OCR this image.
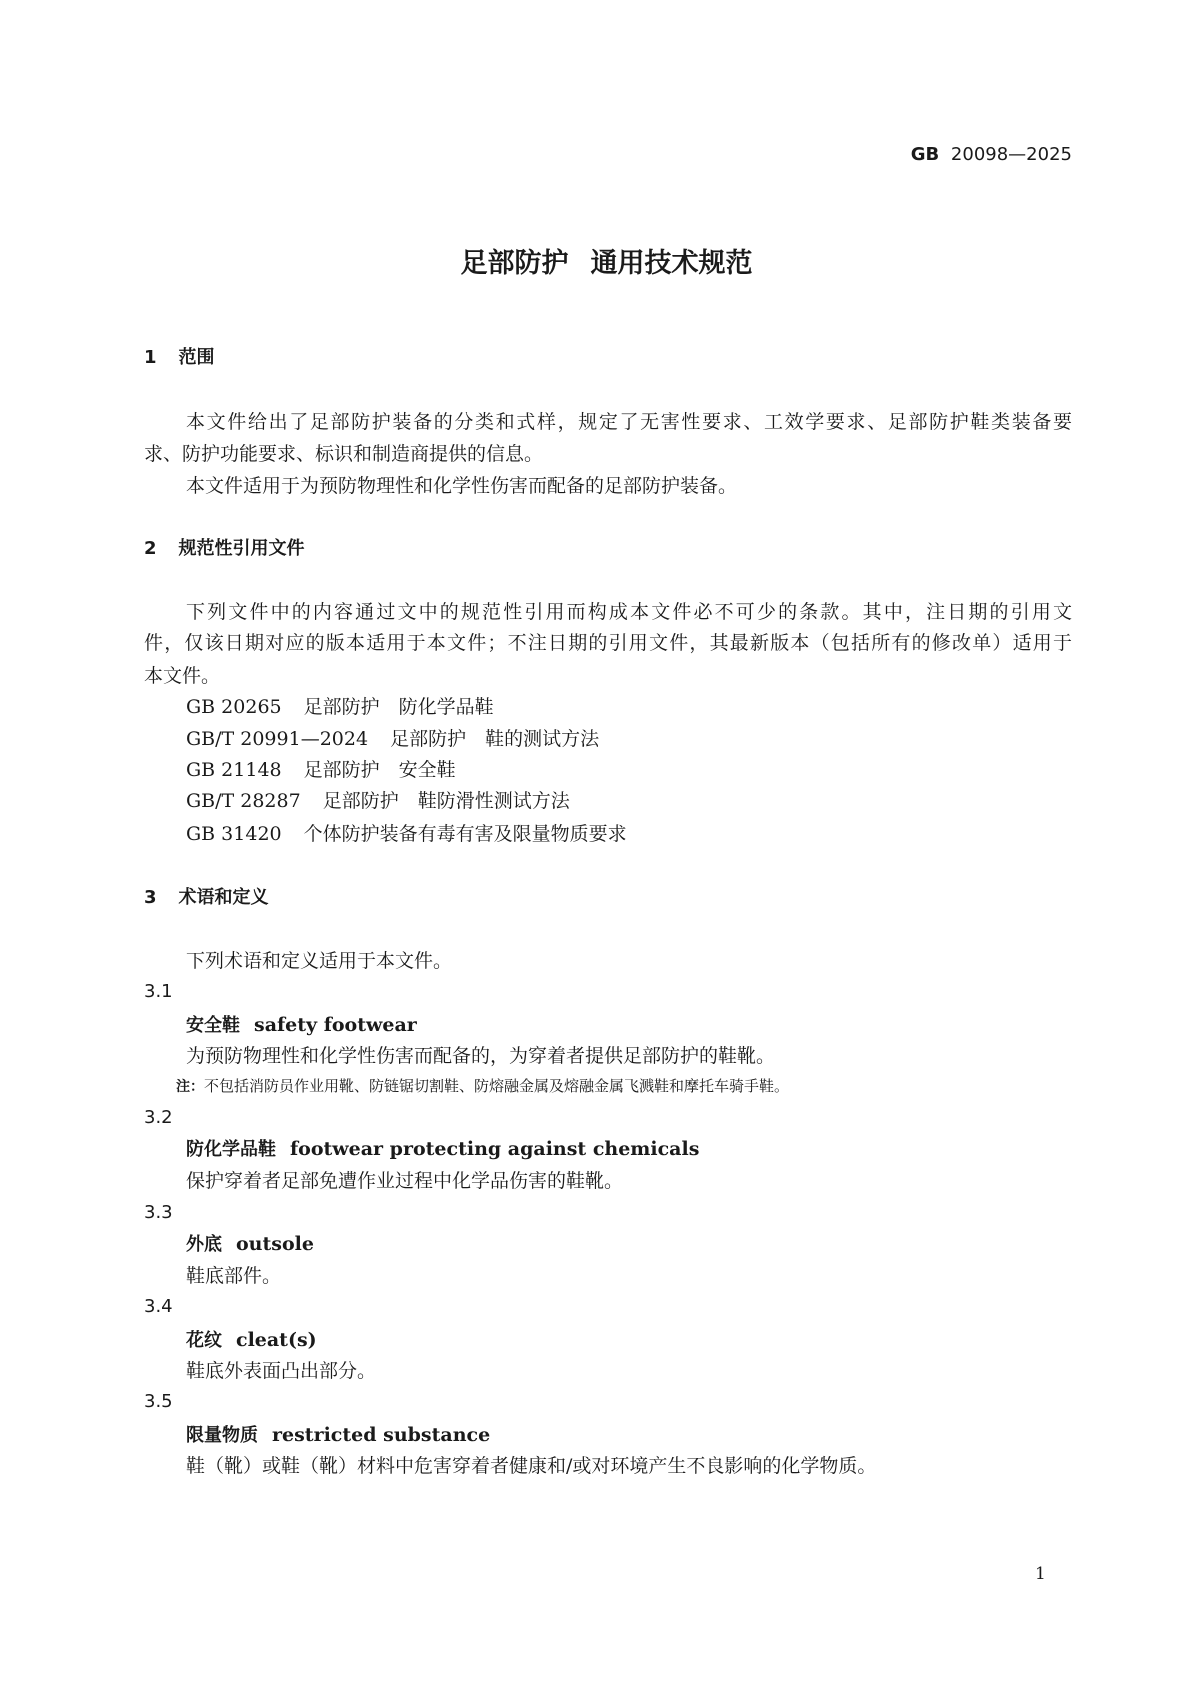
GB 20098—2025
足部防护 通用技术规范
1 范围
本文件给出了足部防护装备的分类和式样，规定了无害性要求、工效学要求、足部防护鞋类装备要
求、防护功能要求、标识和制造商提供的信息。
本文件适用于为预防物理性和化学性伤害而配备的足部防护装备。
2 规范性引用文件
下列文件中的内容通过文中的规范性引用而构成本文件必不可少的条款。其中，注日期的引用文
件，仅该日期对应的版本适用于本文件；不注日期的引用文件，其最新版本（包括所有的修改单）适用于
本文件。
GB 20265 足部防护　防化学品鞋
GB/T 20991—2024 足部防护　鞋的测试方法
GB 21148 足部防护　安全鞋
GB/T 28287 足部防护　鞋防滑性测试方法
GB 31420 个体防护装备有毒有害及限量物质要求
3 术语和定义
下列术语和定义适用于本文件。
3.1
安全鞋 safety footwear
为预防物理性和化学性伤害而配备的，为穿着者提供足部防护的鞋靴。
注：不包括消防员作业用靴、防链锯切割鞋、防熔融金属及熔融金属飞溅鞋和摩托车骑手鞋。
3.2
防化学品鞋 footwear protecting against chemicals
保护穿着者足部免遭作业过程中化学品伤害的鞋靴。
3.3
外底 outsole
鞋底部件。
3.4
花纹 cleat(s)
鞋底外表面凸出部分。
3.5
限量物质 restricted substance
鞋（靴）或鞋（靴）材料中危害穿着者健康和/或对环境产生不良影响的化学物质。
1
